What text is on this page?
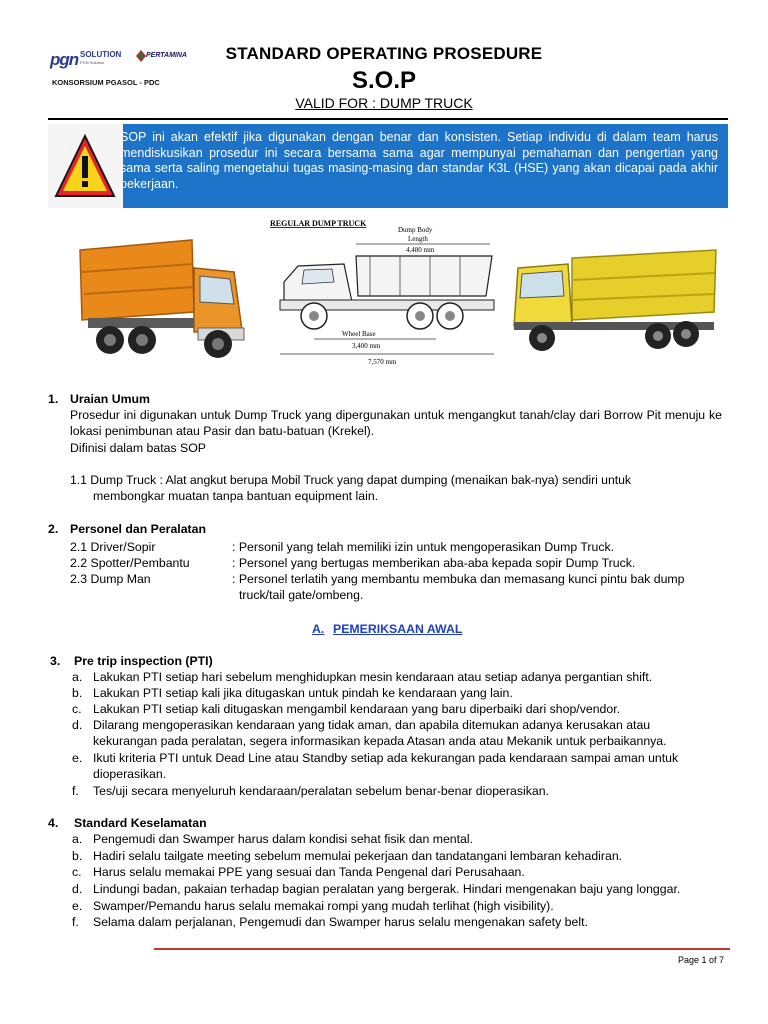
pgn SOLUTION
PGN Solution
PERTAMINA
KONSORSIUM PGASOL - PDC
STANDARD OPERATING PROSEDURE
S.O.P
VALID FOR : DUMP TRUCK
SOP ini akan efektif jika digunakan dengan benar dan konsisten. Setiap individu di dalam team harus mendiskusikan prosedur ini secara bersama sama agar mempunyai pemahaman dan pengertian yang sama serta saling mengetahui tugas masing-masing dan standar K3L (HSE) yang akan dicapai pada akhir pekerjaan.
REGULAR DUMP TRUCK
Dump Body
Length
4,480 mm
Wheel Base
3,400 mm
7,570 mm
1. Uraian Umum
Prosedur ini digunakan untuk Dump Truck yang dipergunakan untuk mengangkut tanah/clay dari Borrow Pit menuju ke lokasi penimbunan atau Pasir dan batu-batuan (Krekel).
Difinisi dalam batas SOP
1.1 Dump Truck : Alat angkut berupa Mobil Truck yang dapat dumping (menaikan bak-nya) sendiri untuk
membongkar muatan tanpa bantuan equipment lain.
2. Personel dan Peralatan
2.1 Driver/Sopir	: Personil yang telah memiliki izin untuk mengoperasikan Dump Truck.
2.2 Spotter/Pembantu	: Personel yang bertugas memberikan aba-aba kepada sopir Dump Truck.
2.3 Dump Man	: Personel terlatih yang membantu membuka dan memasang kunci pintu bak dump
truck/tail gate/ombeng.
A. PEMERIKSAAN AWAL
3. Pre trip inspection (PTI)
a. Lakukan PTI setiap hari sebelum menghidupkan mesin kendaraan atau setiap adanya pergantian shift.
b. Lakukan PTI setiap kali jika ditugaskan untuk pindah ke kendaraan yang lain.
c. Lakukan PTI setiap kali ditugaskan mengambil kendaraan yang baru diperbaiki dari shop/vendor.
d. Dilarang mengoperasikan kendaraan yang tidak aman, dan apabila ditemukan adanya kerusakan atau
kekurangan pada peralatan, segera informasikan kepada Atasan anda atau Mekanik untuk perbaikannya.
e. Ikuti kriteria PTI untuk Dead Line atau Standby setiap ada kekurangan pada kendaraan sampai aman untuk
dioperasikan.
f. Tes/uji secara menyeluruh kendaraan/peralatan sebelum benar-benar dioperasikan.
4. Standard Keselamatan
a. Pengemudi dan Swamper harus dalam kondisi sehat fisik dan mental.
b. Hadiri selalu tailgate meeting sebelum memulai pekerjaan dan tandatangani lembaran kehadiran.
c. Harus selalu memakai PPE yang sesuai dan Tanda Pengenal dari Perusahaan.
d. Lindungi badan, pakaian terhadap bagian peralatan yang bergerak. Hindari mengenakan baju yang longgar.
e. Swamper/Pemandu harus selalu memakai rompi yang mudah terlihat (high visibility).
f. Selama dalam perjalanan, Pengemudi dan Swamper harus selalu mengenakan safety belt.
Page 1 of 7
